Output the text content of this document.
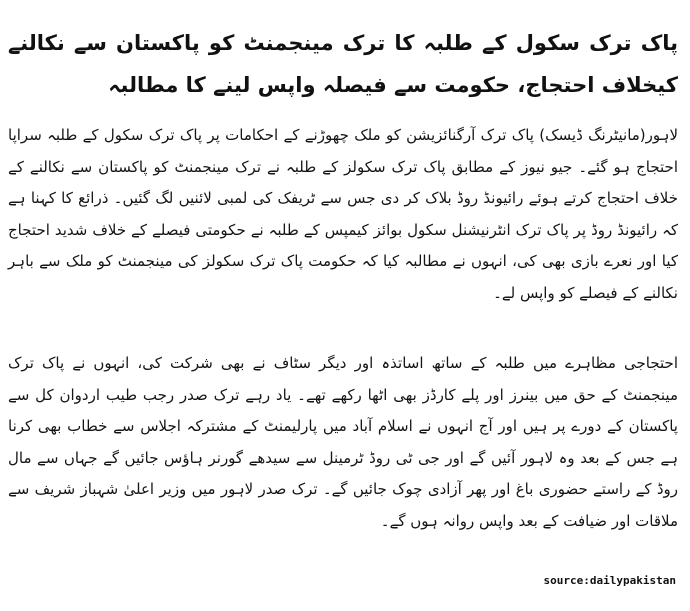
پاک ترک سکول کے طلبہ کا ترک مینجمنٹ کو پاکستان سے نکالنے کیخلاف احتجاج، حکومت سے فیصلہ واپس لینے کا مطالبہ
لاہور(مانیٹرنگ ڈیسک) پاک ترک آرگنائزیشن کو ملک چھوڑنے کے احکامات پر پاک ترک سکول کے طلبہ سراپا احتجاج ہو گئے۔ جیو نیوز کے مطابق پاک ترک سکولز کے طلبہ نے ترک مینجمنٹ کو پاکستان سے نکالنے کے خلاف احتجاج کرتے ہوئے رائیونڈ روڈ بلاک کر دی جس سے ٹریفک کی لمبی لائنیں لگ گئیں۔ ذرائع کا کہنا ہے کہ رائیونڈ روڈ پر پاک ترک انٹرنیشنل سکول بوائز کیمپس کے طلبہ نے حکومتی فیصلے کے خلاف شدید احتجاج کیا اور نعرے بازی بھی کی، انہوں نے مطالبہ کیا کہ حکومت پاک ترک سکولز کی مینجمنٹ کو ملک سے باہر نکالنے کے فیصلے کو واپس لے۔
احتجاجی مظاہرے میں طلبہ کے ساتھ اساتذہ اور دیگر سٹاف نے بھی شرکت کی، انہوں نے پاک ترک مینجمنٹ کے حق میں بینرز اور پلے کارڈز بھی اٹھا رکھے تھے۔ یاد رہے ترک صدر رجب طیب اردوان کل سے پاکستان کے دورے پر ہیں اور آج انہوں نے اسلام آباد میں پارلیمنٹ کے مشترکہ اجلاس سے خطاب بھی کرنا ہے جس کے بعد وہ لاہور آئیں گے اور جی ٹی روڈ ٹرمینل سے سیدھے گورنر ہاؤس جائیں گے جہاں سے مال روڈ کے راستے حضوری باغ اور پھر آزادی چوک جائیں گے۔ ترک صدر لاہور میں وزیر اعلیٰ شہباز شریف سے ملاقات اور ضیافت کے بعد واپس روانہ ہوں گے۔
source:dailypakistan
